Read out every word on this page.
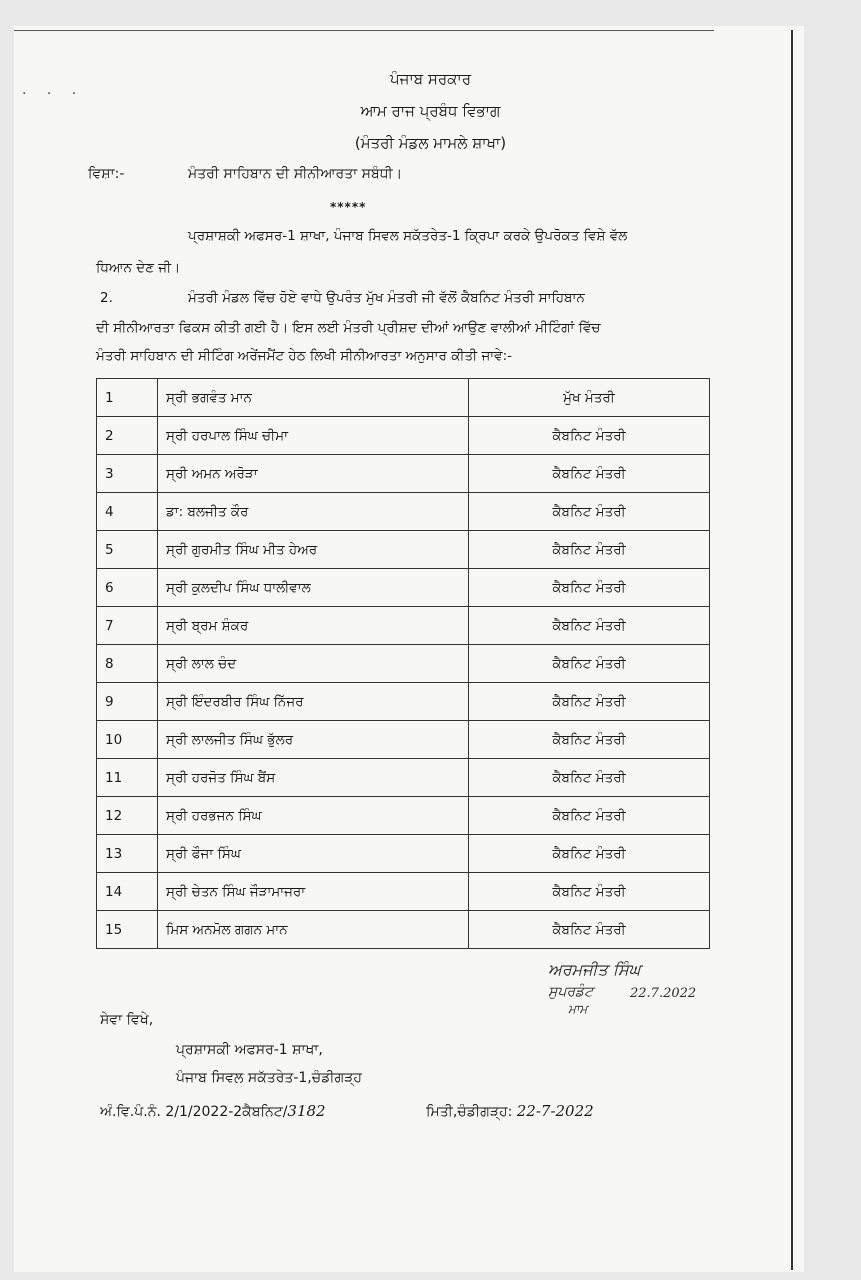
· · ·
ਪੰਜਾਬ ਸਰਕਾਰ
ਆਮ ਰਾਜ ਪ੍ਰਬੰਧ ਵਿਭਾਗ
(ਮੰਤਰੀ ਮੰਡਲ ਮਾਮਲੇ ਸ਼ਾਖਾ)
ਵਿਸ਼ਾ:-	ਮੰਤਰੀ ਸਾਹਿਬਾਨ ਦੀ ਸੀਨੀਆਰਤਾ ਸਬੰਧੀ।
*****
ਪ੍ਰਸ਼ਾਸ਼ਕੀ ਅਫਸਰ-1 ਸ਼ਾਖਾ, ਪੰਜਾਬ ਸਿਵਲ ਸਕੱਤਰੇਤ-1 ਕ੍ਰਿਪਾ ਕਰਕੇ ਉਪਰੋਕਤ ਵਿਸ਼ੇ ਵੱਲ
ਧਿਆਨ ਦੇਣ ਜੀ।
2.	ਮੰਤਰੀ ਮੰਡਲ ਵਿੱਚ ਹੋਏ ਵਾਧੇ ਉਪਰੰਤ ਮੁੱਖ ਮੰਤਰੀ ਜੀ ਵੱਲੋਂ ਕੈਬਨਿਟ ਮੰਤਰੀ ਸਾਹਿਬਾਨ
ਦੀ ਸੀਨੀਆਰਤਾ ਫਿਕਸ ਕੀਤੀ ਗਈ ਹੈ। ਇਸ ਲਈ ਮੰਤਰੀ ਪ੍ਰੀਸ਼ਦ ਦੀਆਂ ਆਉਣ ਵਾਲੀਆਂ ਮੀਟਿੰਗਾਂ ਵਿੱਚ
ਮੰਤਰੀ ਸਾਹਿਬਾਨ ਦੀ ਸੀਟਿੰਗ ਅਰੇਂਜਮੈਂਟ ਹੇਠ ਲਿਖੀ ਸੀਨੀਆਰਤਾ ਅਨੁਸਾਰ ਕੀਤੀ ਜਾਵੇ:-
1	ਸ੍ਰੀ ਭਗਵੰਤ ਮਾਨ	ਮੁੱਖ ਮੰਤਰੀ
2	ਸ੍ਰੀ ਹਰਪਾਲ ਸਿੰਘ ਚੀਮਾ	ਕੈਬਨਿਟ ਮੰਤਰੀ
3	ਸ੍ਰੀ ਅਮਨ ਅਰੋੜਾ	ਕੈਬਨਿਟ ਮੰਤਰੀ
4	ਡਾ: ਬਲਜੀਤ ਕੌਰ	ਕੈਬਨਿਟ ਮੰਤਰੀ
5	ਸ੍ਰੀ ਗੁਰਮੀਤ ਸਿੰਘ ਮੀਤ ਹੇਅਰ	ਕੈਬਨਿਟ ਮੰਤਰੀ
6	ਸ੍ਰੀ ਕੁਲਦੀਪ ਸਿੰਘ ਧਾਲੀਵਾਲ	ਕੈਬਨਿਟ ਮੰਤਰੀ
7	ਸ੍ਰੀ ਬ੍ਰਮ ਸ਼ੰਕਰ	ਕੈਬਨਿਟ ਮੰਤਰੀ
8	ਸ੍ਰੀ ਲਾਲ ਚੰਦ	ਕੈਬਨਿਟ ਮੰਤਰੀ
9	ਸ੍ਰੀ ਇੰਦਰਬੀਰ ਸਿੰਘ ਨਿੱਜਰ	ਕੈਬਨਿਟ ਮੰਤਰੀ
10	ਸ੍ਰੀ ਲਾਲਜੀਤ ਸਿੰਘ ਭੁੱਲਰ	ਕੈਬਨਿਟ ਮੰਤਰੀ
11	ਸ੍ਰੀ ਹਰਜੋਤ ਸਿੰਘ ਬੈਂਸ	ਕੈਬਨਿਟ ਮੰਤਰੀ
12	ਸ੍ਰੀ ਹਰਭਜਨ ਸਿੰਘ	ਕੈਬਨਿਟ ਮੰਤਰੀ
13	ਸ੍ਰੀ ਫੌਜਾ ਸਿੰਘ	ਕੈਬਨਿਟ ਮੰਤਰੀ
14	ਸ੍ਰੀ ਚੇਤਨ ਸਿੰਘ ਜੌੜਾਮਾਜਰਾ	ਕੈਬਨਿਟ ਮੰਤਰੀ
15	ਮਿਸ ਅਨਮੋਲ ਗਗਨ ਮਾਨ	ਕੈਬਨਿਟ ਮੰਤਰੀ
ਅਰਮਜੀਤ ਸਿੰਘ
ਸੁਪਰਡੰਟ	22.7.2022
ਮਾਮ
ਸੇਵਾ ਵਿਖੇ,
ਪ੍ਰਸ਼ਾਸਕੀ ਅਫਸਰ-1 ਸ਼ਾਖਾ,
ਪੰਜਾਬ ਸਿਵਲ ਸਕੱਤਰੇਤ-1,ਚੰਡੀਗੜ੍ਹ
ਅੰ.ਵਿ.ਪੰ.ਨੰ. 2/1/2022-2ਕੈਬਨਿਟ/3182	ਮਿਤੀ,ਚੰਡੀਗੜ੍ਹ: 22-7-2022
